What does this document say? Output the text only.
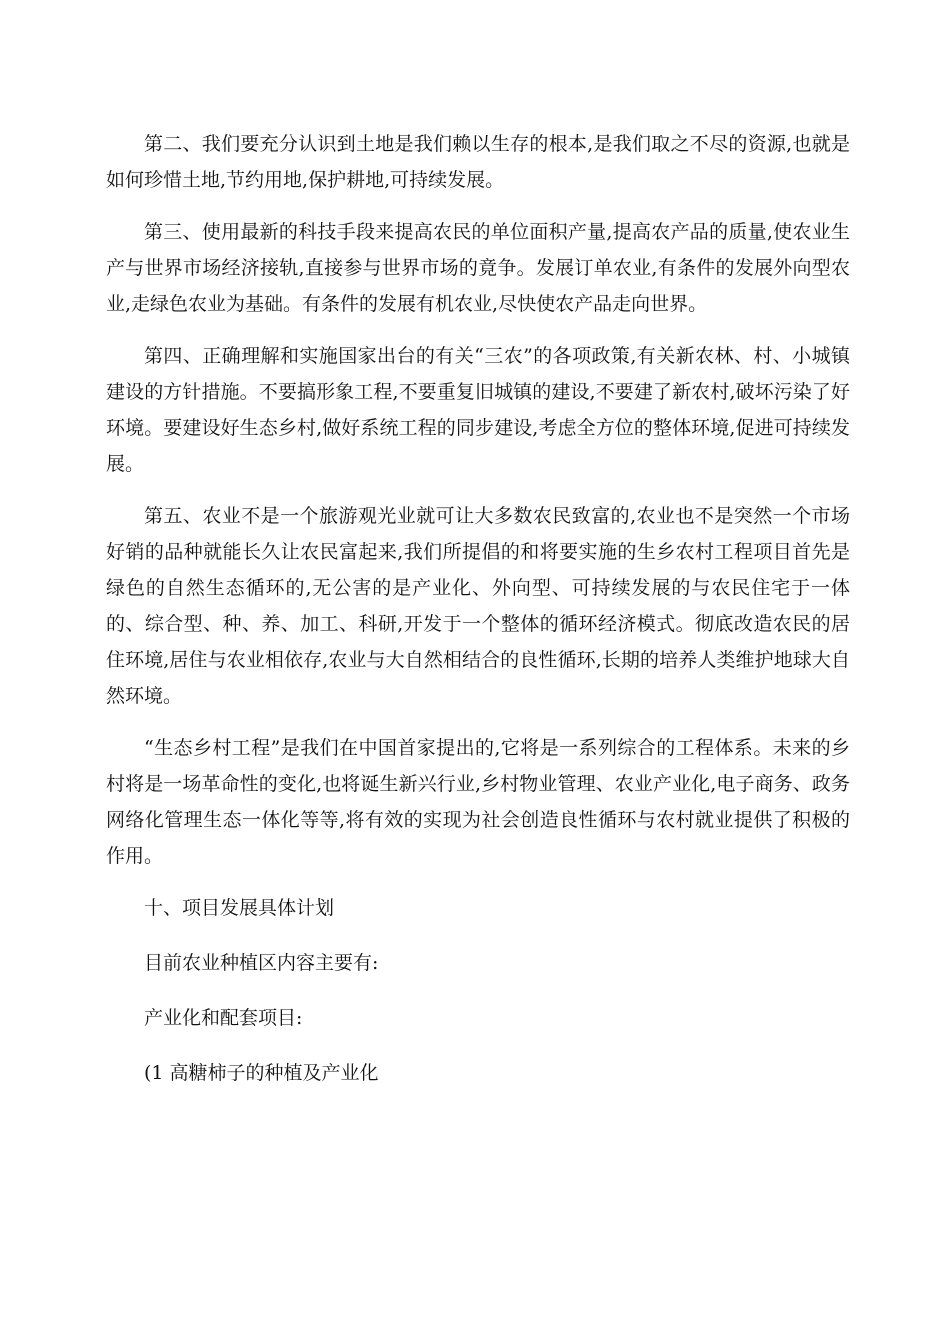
第二、我们要充分认识到土地是我们赖以生存的根本,是我们取之不尽的资源,也就是如何珍惜土地,节约用地,保护耕地,可持续发展。

第三、使用最新的科技手段来提高农民的单位面积产量,提高农产品的质量,使农业生产与世界市场经济接轨,直接参与世界市场的竟争。发展订单农业,有条件的发展外向型农业,走绿色农业为基础。有条件的发展有机农业,尽快使农产品走向世界。

第四、正确理解和实施国家出台的有关“三农”的各项政策,有关新农林、村、小城镇建设的方针措施。不要搞形象工程,不要重复旧城镇的建设,不要建了新农村,破坏污染了好环境。要建设好生态乡村,做好系统工程的同步建设,考虑全方位的整体环境,促进可持续发展。

第五、农业不是一个旅游观光业就可让大多数农民致富的,农业也不是突然一个市场好销的品种就能长久让农民富起来,我们所提倡的和将要实施的生乡农村工程项目首先是绿色的自然生态循环的,无公害的是产业化、外向型、可持续发展的与农民住宅于一体的、综合型、种、养、加工、科研,开发于一个整体的循环经济模式。彻底改造农民的居住环境,居住与农业相依存,农业与大自然相结合的良性循环,长期的培养人类维护地球大自然环境。

“生态乡村工程”是我们在中国首家提出的,它将是一系列综合的工程体系。未来的乡村将是一场革命性的变化,也将诞生新兴行业,乡村物业管理、农业产业化,电子商务、政务网络化管理生态一体化等等,将有效的实现为社会创造良性循环与农村就业提供了积极的作用。

十、项目发展具体计划

目前农业种植区内容主要有:

产业化和配套项目:

(1 高糖柿子的种植及产业化
